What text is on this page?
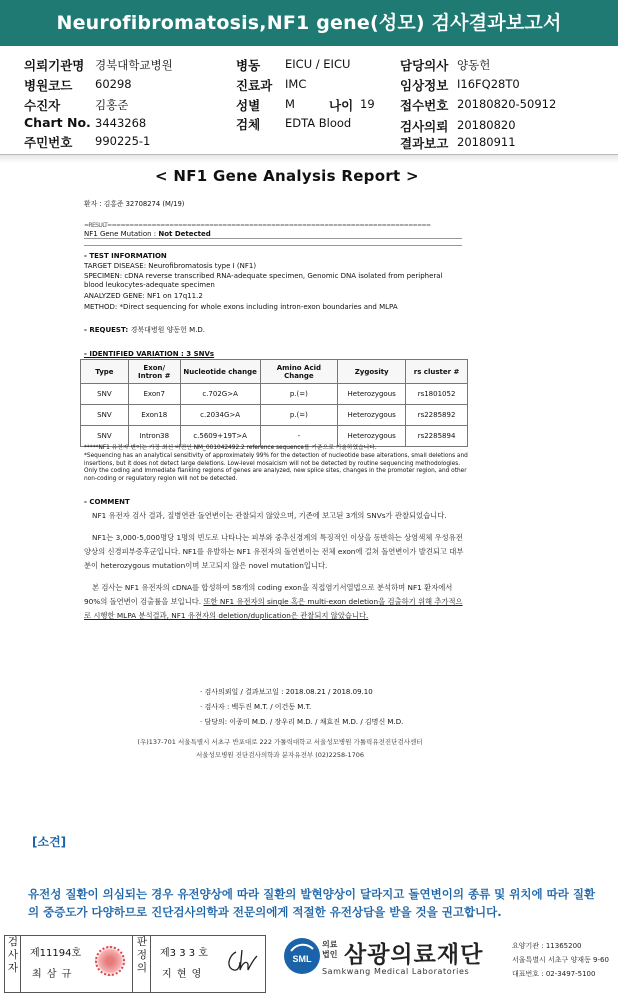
Neurofibromatosis,NF1 gene(성모) 검사결과보고서
의뢰기관명 경북대학교병원
병원코드 60298
수진자	김홍준
Chart No. 3443268
주민번호 990225-1
병동 EICU / EICU
진료과 IMC
성별 M	나이 19
검체 EDTA Blood
담당의사 양동헌
임상정보 I16FQ28T0
접수번호 20180820-50912
검사의뢰 20180820
결과보고 20180911
< NF1 Gene Analysis Report >
환자 : 김홍준 32708274 (M/19)
=RESULT=========================================================================
NF1 Gene Mutation : Not Detected
- TEST INFORMATION
TARGET DISEASE: Neurofibromatosis type I (NF1)
SPECIMEN: cDNA reverse transcribed RNA-adequate specimen, Genomic DNA isolated from peripheral blood leukocytes-adequate specimen
ANALYZED GENE: NF1 on 17q11.2
METHOD: *Direct sequencing for whole exons including intron-exon boundaries and MLPA
- REQUEST: 경북대병원 양동헌 M.D.
- IDENTIFIED VARIATION : 3 SNVs
Type	Exon/ Intron #	Nucleotide change	Amino Acid Change	Zygosity	rs cluster #
SNV	Exon7	c.702G>A	p.(=)	Heterozygous	rs1801052
SNV	Exon18	c.2034G>A	p.(=)	Heterozygous	rs2285892
SNV	Intron38	c.5609+19T>A	-	Heterozygous	rs2285894
*****NF1 유전자 변이는 가장 최신 버전인 NM_001042492.2 reference sequence를 기준으로 기술하였습니다.
*Sequencing has an analytical sensitivity of approximately 99% for the detection of nucleotide base alterations, small deletions and insertions, but it does not detect large deletions. Low-level mosaicism will not be detected by routine sequencing methodologies. Only the coding and immediate flanking regions of genes are analyzed, new splice sites, changes in the promoter region, and other non-coding or regulatory region will not be detected.
- COMMENT

NF1 유전자 검사 결과, 질병연관 돌연변이는 관찰되지 않았으며, 기존에 보고된 3개의 SNVs가 관찰되었습니다.

NF1는 3,000-5,000명당 1명의 빈도로 나타나는 피부와 중추신경계의 특징적인 이상을 동반하는 상염색체 우성유전 양상의 신경피부증후군입니다. NF1를 유발하는 NF1 유전자의 돌연변이는 전체 exon에 걸쳐 돌연변이가 발견되고 대부분이 heterozygous mutation이며 보고되지 않은 novel mutation입니다.

본 검사는 NF1 유전자의 cDNA를 합성하여 58개의 coding exon을 직접염기서열법으로 분석하며 NF1 환자에서 90%의 돌연변이 검출률을 보입니다. 또한 NF1 유전자의 single 혹은 multi-exon deletion을 검출하기 위해 추가적으로 시행한 MLPA 분석결과, NF1 유전자의 deletion/duplication은 관찰되지 않았습니다.

· 검사의뢰일 / 결과보고일 : 2018.08.21 / 2018.09.10
· 검사자 : 백두진 M.T. / 이건동 M.T.
· 담당의: 이종미 M.D. / 장우리 M.D. / 채효진 M.D. / 김명신 M.D.
(우)137-701 서울특별시 서초구 반포대로 222 가톨릭대학교 서울성모병원 가톨릭유전진단검사센터
서울성모병원 진단검사의학과 분자유전부 (02)2258-1706
[소견]
유전성 질환이 의심되는 경우 유전양상에 따라 질환의 발현양상이 달라지고 돌연변이의 종류 및 위치에 따라 질환의 중증도가 다양하므로 진단검사의학과 전문의에게 적절한 유전상담을 받을 것을 권고합니다.
검사자
제11194호
최 삼 규
판정의
제3 3 3 호
지 현 영
SML
의료 법인 삼광의료재단
Samkwang Medical Laboratories
요양기관 : 11365200
서울특별시 서초구 양재동 9-60
대표번호 : 02-3497-5100
